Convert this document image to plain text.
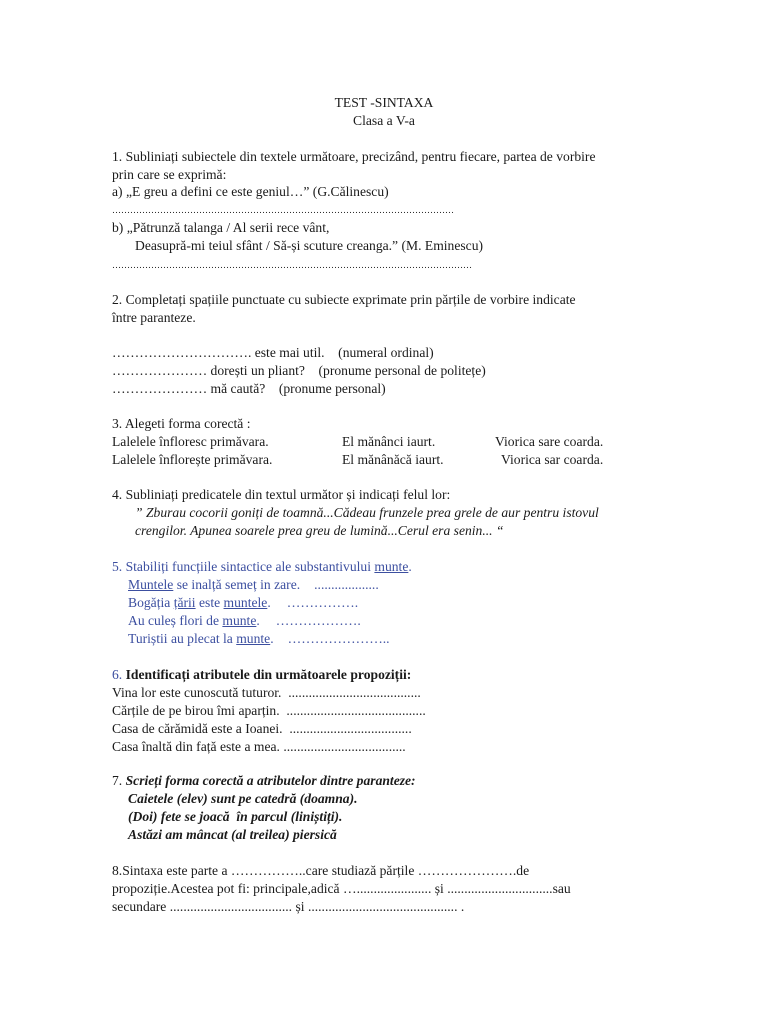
TEST -SINTAXA
Clasa a V-a
1. Subliniați subiectele din textele următoare, precizând, pentru fiecare, partea de vorbire
prin care se exprimă:
a) „E greu a defini ce este geniul…” (G.Călinescu)
……………………………………………………………………………………………………
b) „Pătrunză talanga / Al serii rece vânt,
Deasupră-mi teiul sfânt / Să-și scuture creanga.” (M. Eminescu)
…………………………………………………………………………………………………………
2. Completați spațiile punctuate cu subiecte exprimate prin părțile de vorbire indicate
între paranteze.
…………………………. este mai util.    (numeral ordinal)
………………… dorești un pliant?    (pronume personal de politețe)
………………… mă caută?    (pronume personal)
3. Alegeti forma corectă :
Lalelele înfloresc primăvara.	El mănânci iaurt.	Viorica sare coarda.
Lalelele înflorește primăvara.	El mănânăcă iaurt.	Viorica sar coarda.
4. Subliniați predicatele din textul următor și indicați felul lor:
” Zburau cocorii goniți de toamnă...Cădeau frunzele prea grele de aur pentru istovul
crengilor. Apunea soarele prea greu de lumină...Cerul era senin... “
5. Stabiliți funcțiile sintactice ale substantivului munte.
Muntele se inalță semeț in zare. ...................
Bogăția țării este muntele. …………….
Au culeș flori de munte. ……………….
Turiștii au plecat la munte. …………………..
6. Identificați atributele din următoarele propoziții:
Vina lor este cunoscută tuturor.  .......................................
Cărțile de pe birou îmi aparțin.  .........................................
Casa de cărămidă este a Ioanei.  ....................................
Casa înaltă din față este a mea. ....................................
7. Scrieți forma corectă a atributelor dintre paranteze:
Caietele (elev) sunt pe catedră (doamna).
(Doi) fete se joacă  în parcul (liniștiți).
Astăzi am mâncat (al treilea) piersică
8.Sintaxa este parte a ……………..care studiază părțile ………………….de
propoziție.Acestea pot fi: principale,adică …...................... și ...............................sau
secundare .................................... și ............................................ .
